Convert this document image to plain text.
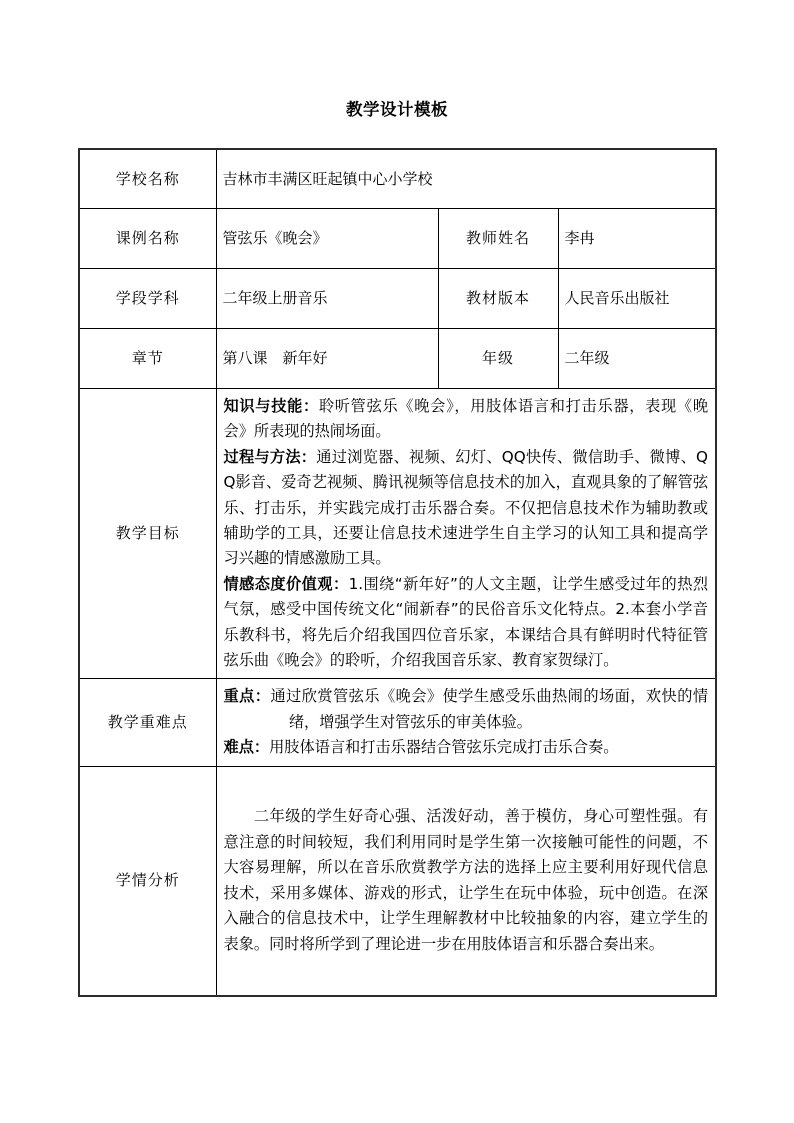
教学设计模板
学校名称	吉林市丰满区旺起镇中心小学校		
课例名称	管弦乐《晚会》	教师姓名	李冉
学段学科	二年级上册音乐	教材版本	人民音乐出版社
章节	第八课　新年好	年级	二年级
教学目标	知识与技能：聆听管弦乐《晚会》，用肢体语言和打击乐器，表现《晚会》所表现的热闹场面。

过程与方法：通过浏览器、视频、幻灯、QQ快传、微信助手、微博、QQ影音、爱奇艺视频、腾讯视频等信息技术的加入，直观具象的了解管弦乐、打击乐，并实践完成打击乐器合奏。不仅把信息技术作为辅助教或辅助学的工具，还要让信息技术速进学生自主学习的认知工具和提高学习兴趣的情感激励工具。

情感态度价值观：1.围绕“新年好”的人文主题，让学生感受过年的热烈气氛，感受中国传统文化“闹新春”的民俗音乐文化特点。2.本套小学音乐教科书，将先后介绍我国四位音乐家，本课结合具有鲜明时代特征管弦乐曲《晚会》的聆听，介绍我国音乐家、教育家贺绿汀。		

教学重难点	重点：通过欣赏管弦乐《晚会》使学生感受乐曲热闹的场面，欢快的情绪，增强学生对管弦乐的审美体验。

难点：用肢体语言和打击乐器结合管弦乐完成打击乐合奏。		

学情分析	二年级的学生好奇心强、活泼好动，善于模仿，身心可塑性强。有意注意的时间较短，我们利用同时是学生第一次接触可能性的问题，不大容易理解，所以在音乐欣赏教学方法的选择上应主要利用好现代信息技术，采用多媒体、游戏的形式，让学生在玩中体验，玩中创造。在深入融合的信息技术中，让学生理解教材中比较抽象的内容，建立学生的表象。同时将所学到了理论进一步在用肢体语言和乐器合奏出来。		
